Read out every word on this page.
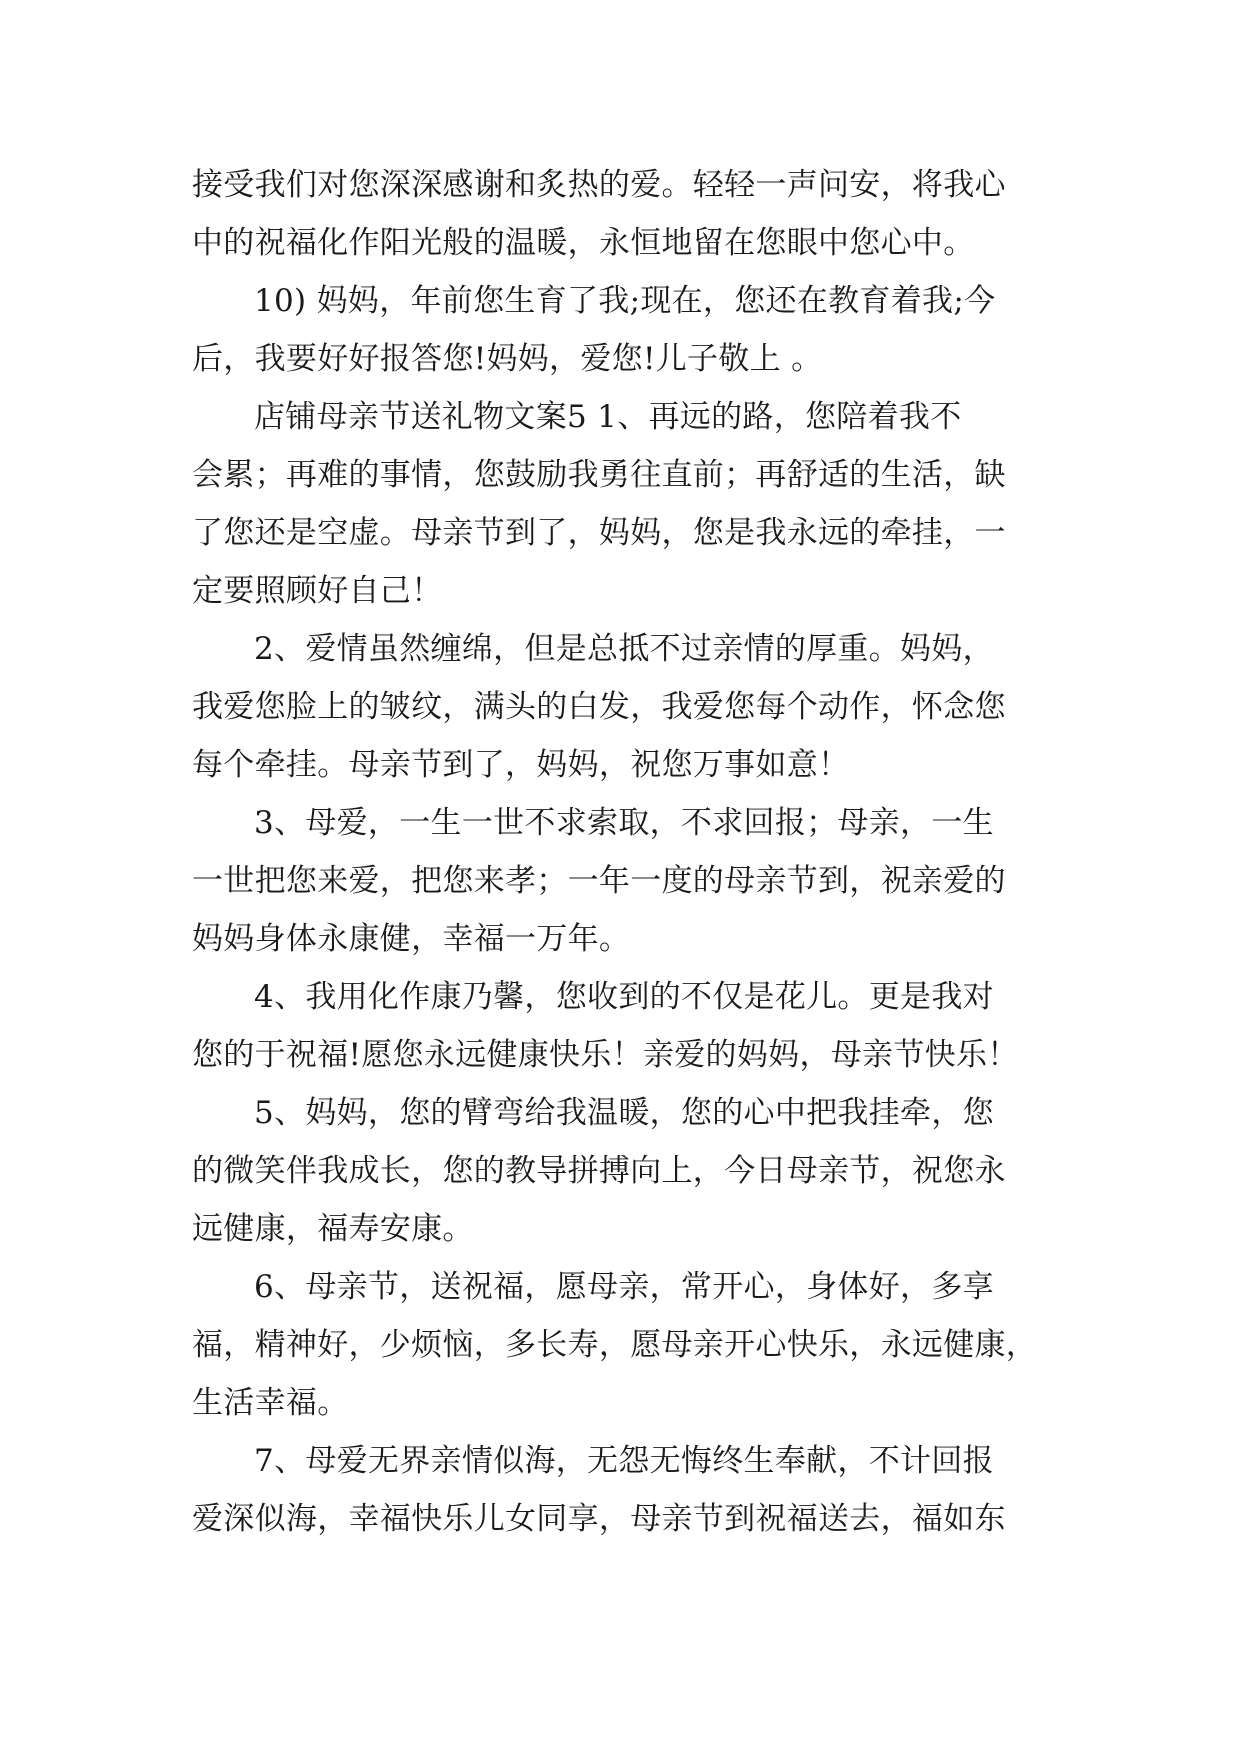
接受我们对您深深感谢和炙热的爱。轻轻一声问安，将我心
中的祝福化作阳光般的温暖，永恒地留在您眼中您心中。
10) 妈妈，年前您生育了我;现在，您还在教育着我;今
后，我要好好报答您!妈妈，爱您!儿子敬上 。
店铺母亲节送礼物文案5 1、再远的路，您陪着我不
会累；再难的事情，您鼓励我勇往直前；再舒适的生活，缺
了您还是空虚。母亲节到了，妈妈，您是我永远的牵挂，一
定要照顾好自己！
2、爱情虽然缠绵，但是总抵不过亲情的厚重。妈妈，
我爱您脸上的皱纹，满头的白发，我爱您每个动作，怀念您
每个牵挂。母亲节到了，妈妈，祝您万事如意！
3、母爱，一生一世不求索取，不求回报；母亲，一生
一世把您来爱，把您来孝；一年一度的母亲节到，祝亲爱的
妈妈身体永康健，幸福一万年。
4、我用化作康乃馨，您收到的不仅是花儿。更是我对
您的于祝福!愿您永远健康快乐！亲爱的妈妈，母亲节快乐！
5、妈妈，您的臂弯给我温暖，您的心中把我挂牵，您
的微笑伴我成长，您的教导拼搏向上，今日母亲节，祝您永
远健康，福寿安康。
6、母亲节，送祝福，愿母亲，常开心，身体好，多享
福，精神好，少烦恼，多长寿，愿母亲开心快乐，永远健康，
生活幸福。
7、母爱无界亲情似海，无怨无悔终生奉献，不计回报
爱深似海，幸福快乐儿女同享，母亲节到祝福送去，福如东
